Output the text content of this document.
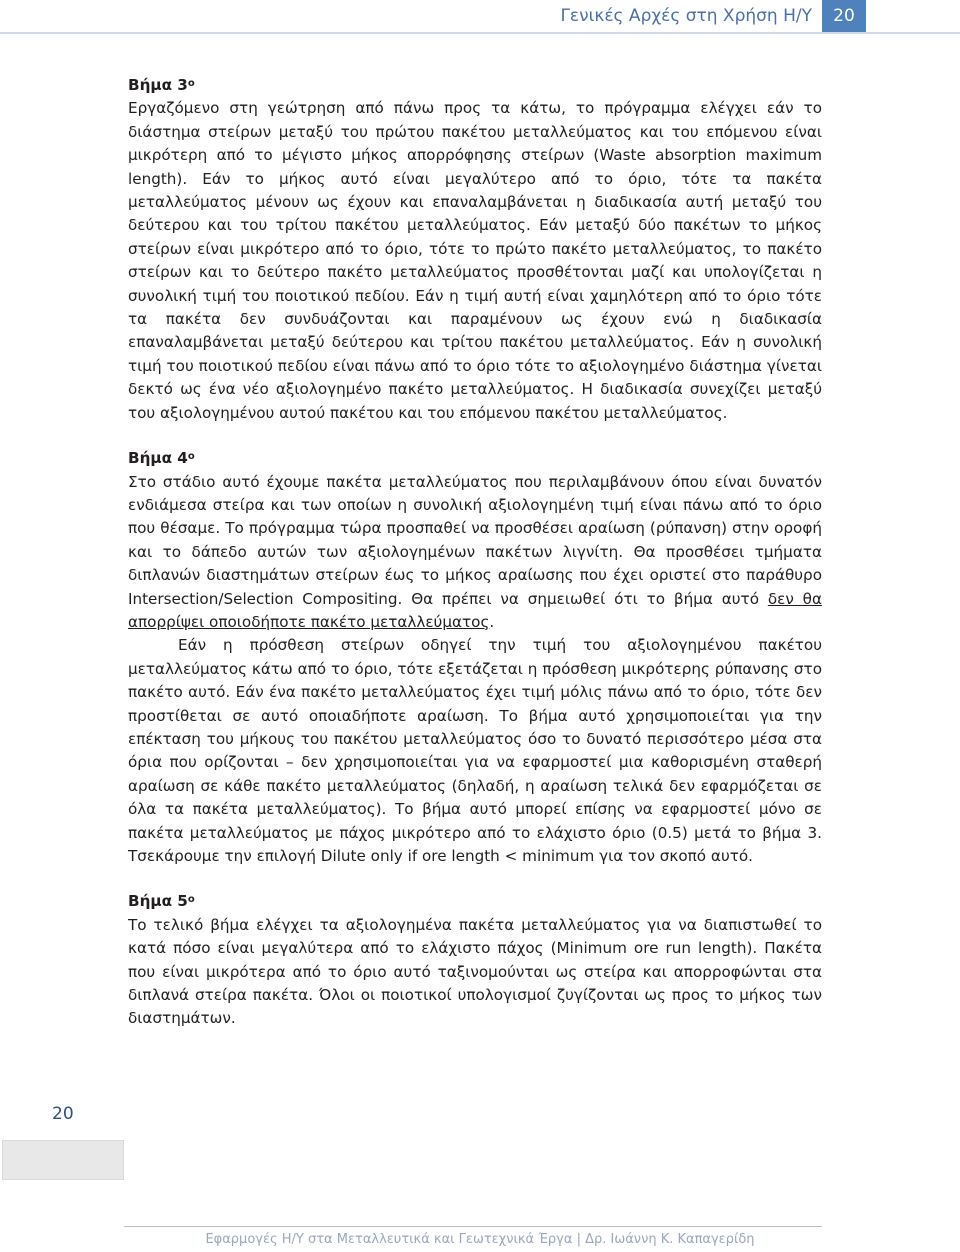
Γενικές Αρχές στη Χρήση Η/Υ	20
Βήμα $3^o$

Εργαζόμενο στη γεώτρηση από πάνω προς τα κάτω, το πρόγραμμα ελέγχει εάν το διάστημα στείρων μεταξύ του πρώτου πακέτου μεταλλεύματος και του επόμενου είναι μικρότερη από το μέγιστο μήκος απορρόφησης στείρων (Waste absorption maximum length). Εάν το μήκος αυτό είναι μεγαλύτερο από το όριο, τότε τα πακέτα μεταλλεύματος μένουν ως έχουν και επαναλαμβάνεται η διαδικασία αυτή μεταξύ του δεύτερου και του τρίτου πακέτου μεταλλεύματος. Εάν μεταξύ δύο πακέτων το μήκος στείρων είναι μικρότερο από το όριο, τότε το πρώτο πακέτο μεταλλεύματος, το πακέτο στείρων και το δεύτερο πακέτο μεταλλεύματος προσθέτονται μαζί και υπολογίζεται η συνολική τιμή του ποιοτικού πεδίου. Εάν η τιμή αυτή είναι χαμηλότερη από το όριο τότε τα πακέτα δεν συνδυάζονται και παραμένουν ως έχουν ενώ η διαδικασία επαναλαμβάνεται μεταξύ δεύτερου και τρίτου πακέτου μεταλλεύματος. Εάν η συνολική τιμή του ποιοτικού πεδίου είναι πάνω από το όριο τότε το αξιολογημένο διάστημα γίνεται δεκτό ως ένα νέο αξιολογημένο πακέτο μεταλλεύματος. Η διαδικασία συνεχίζει μεταξύ του αξιολογημένου αυτού πακέτου και του επόμενου πακέτου μεταλλεύματος.

Βήμα $4^o$

Στο στάδιο αυτό έχουμε πακέτα μεταλλεύματος που περιλαμβάνουν όπου είναι δυνατόν ενδιάμεσα στείρα και των οποίων η συνολική αξιολογημένη τιμή είναι πάνω από το όριο που θέσαμε. Το πρόγραμμα τώρα προσπαθεί να προσθέσει αραίωση (ρύπανση) στην οροφή και το δάπεδο αυτών των αξιολογημένων πακέτων λιγνίτη. Θα προσθέσει τμήματα διπλανών διαστημάτων στείρων έως το μήκος αραίωσης που έχει οριστεί στο παράθυρο Intersection/Selection Compositing. Θα πρέπει να σημειωθεί ότι το βήμα αυτό δεν θα απορρίψει οποιοδήποτε πακέτο μεταλλεύματος.

Εάν η πρόσθεση στείρων οδηγεί την τιμή του αξιολογημένου πακέτου μεταλλεύματος κάτω από το όριο, τότε εξετάζεται η πρόσθεση μικρότερης ρύπανσης στο πακέτο αυτό. Εάν ένα πακέτο μεταλλεύματος έχει τιμή μόλις πάνω από το όριο, τότε δεν προστίθεται σε αυτό οποιαδήποτε αραίωση. Το βήμα αυτό χρησιμοποιείται για την επέκταση του μήκους του πακέτου μεταλλεύματος όσο το δυνατό περισσότερο μέσα στα όρια που ορίζονται – δεν χρησιμοποιείται για να εφαρμοστεί μια καθορισμένη σταθερή αραίωση σε κάθε πακέτο μεταλλεύματος (δηλαδή, η αραίωση τελικά δεν εφαρμόζεται σε όλα τα πακέτα μεταλλεύματος). Το βήμα αυτό μπορεί επίσης να εφαρμοστεί μόνο σε πακέτα μεταλλεύματος με πάχος μικρότερο από το ελάχιστο όριο (0.5) μετά το βήμα 3. Τσεκάρουμε την επιλογή Dilute only if ore length < minimum για τον σκοπό αυτό.

Βήμα $5^o$

Το τελικό βήμα ελέγχει τα αξιολογημένα πακέτα μεταλλεύματος για να διαπιστωθεί το κατά πόσο είναι μεγαλύτερα από το ελάχιστο πάχος (Minimum ore run length). Πακέτα που είναι μικρότερα από το όριο αυτό ταξινομούνται ως στείρα και απορροφώνται στα διπλανά στείρα πακέτα. Όλοι οι ποιοτικοί υπολογισμοί ζυγίζονται ως προς το μήκος των διαστημάτων.

20
Εφαρμογές Η/Υ στα Μεταλλευτικά και Γεωτεχνικά Έργα | Δρ. Ιωάννη Κ. Καπαγερίδη
